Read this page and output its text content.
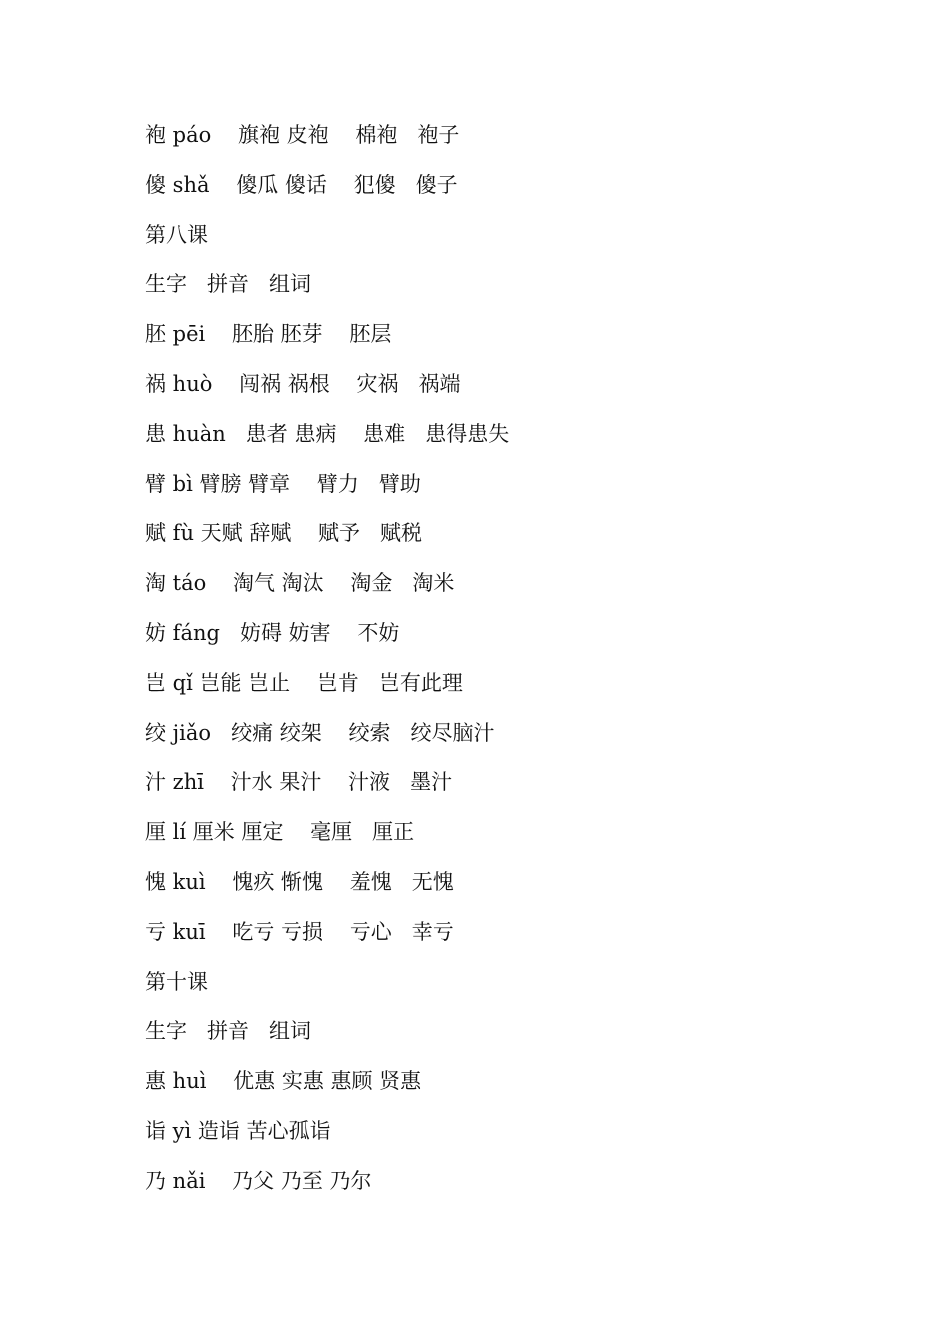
袍 páo    旗袍 皮袍    棉袍   袍子
傻 shǎ    傻瓜 傻话    犯傻   傻子
第八课
生字   拼音   组词
胚 pēi    胚胎 胚芽    胚层
祸 huò    闯祸 祸根    灾祸   祸端
患 huàn   患者 患病    患难   患得患失
臂 bì 臂膀 臂章    臂力   臂助
赋 fù 天赋 辞赋    赋予   赋税
淘 táo    淘气 淘汰    淘金   淘米
妨 fáng   妨碍 妨害    不妨
岂 qǐ 岂能 岂止    岂肯   岂有此理
绞 jiǎo   绞痛 绞架    绞索   绞尽脑汁
汁 zhī    汁水 果汁    汁液   墨汁
厘 lí 厘米 厘定    毫厘   厘正
愧 kuì    愧疚 惭愧    羞愧   无愧
亏 kuī    吃亏 亏损    亏心   幸亏
第十课
生字   拼音   组词
惠 huì    优惠 实惠 惠顾 贤惠
诣 yì 造诣 苦心孤诣
乃 nǎi    乃父 乃至 乃尔
